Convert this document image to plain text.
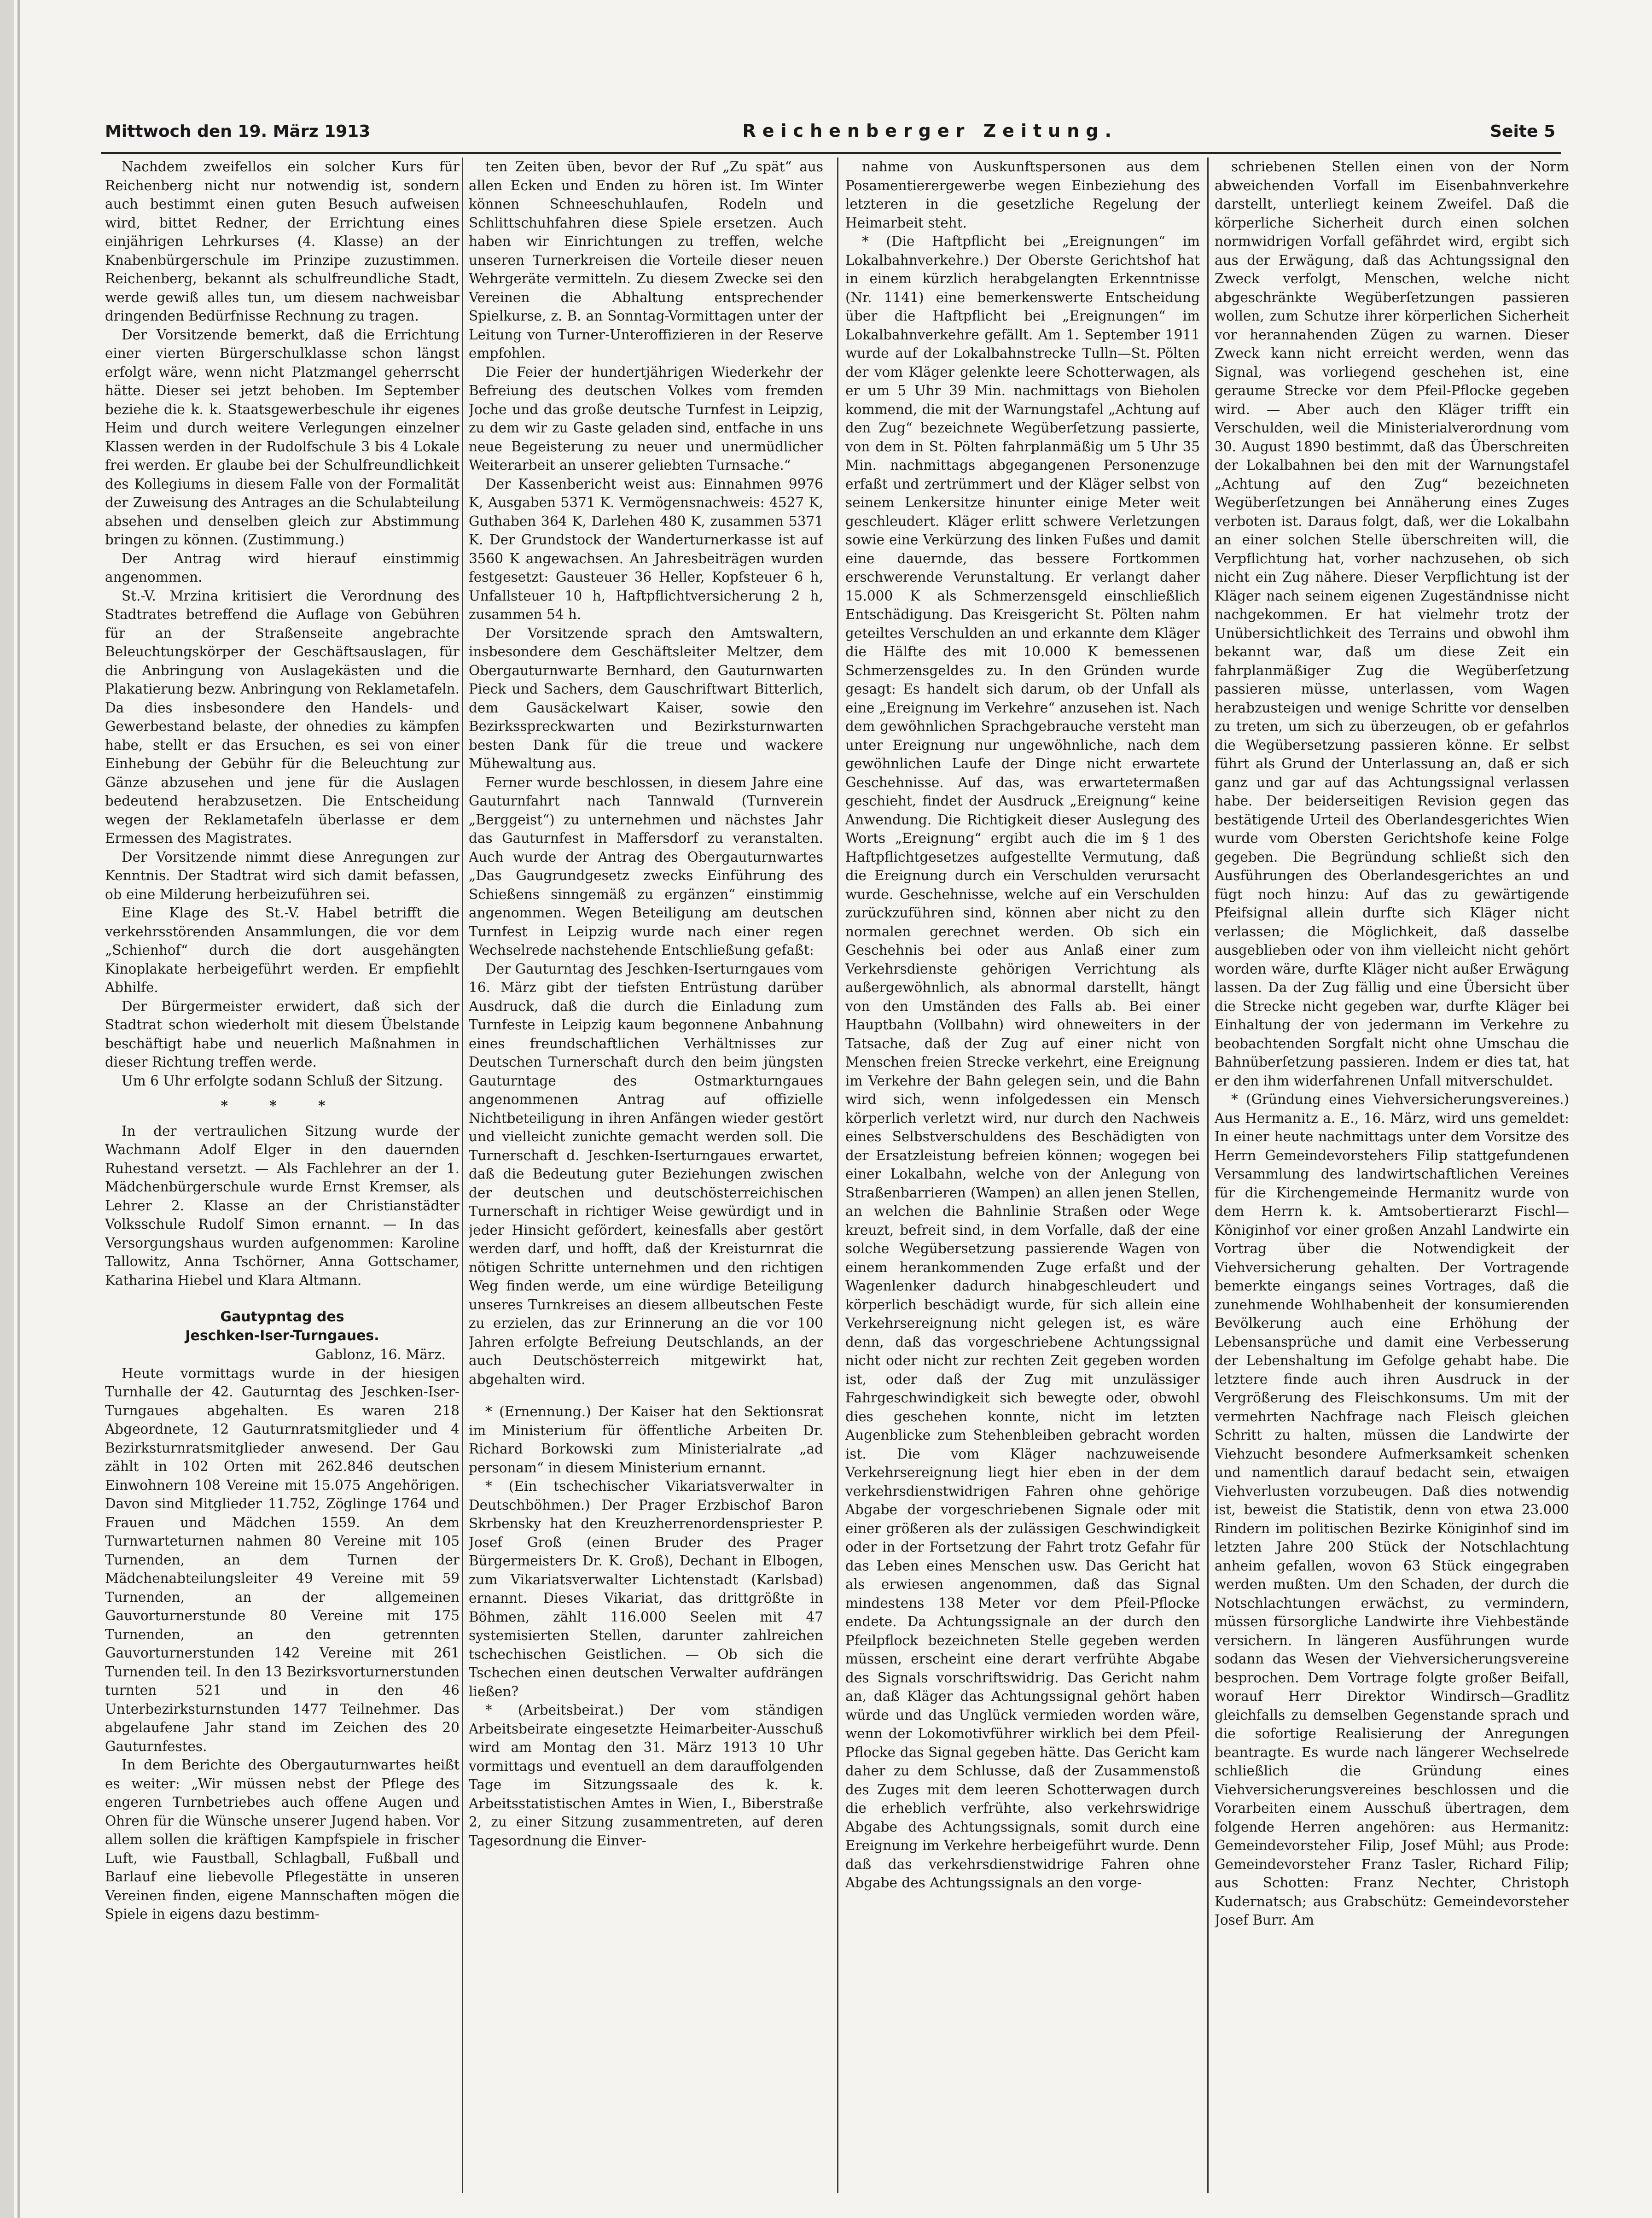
Mittwoch den 19. März 1913	Reichenberger Zeitung.	Seite 5

Nachdem zweifellos ein solcher Kurs für Reichenberg nicht nur notwendig ist, sondern auch bestimmt einen guten Besuch aufweisen wird, bittet Redner, der Errichtung eines einjährigen Lehrkurses (4. Klasse) an der Knabenbürgerschule im Prinzipe zuzustimmen. Reichenberg, bekannt als schulfreundliche Stadt, werde gewiß alles tun, um diesem nachweisbar dringenden Bedürfnisse Rechnung zu tragen.

Der Vorsitzende bemerkt, daß die Errichtung einer vierten Bürgerschulklasse schon längst erfolgt wäre, wenn nicht Platzmangel geherrscht hätte. Dieser sei jetzt behoben. Im September beziehe die k. k. Staatsgewerbeschule ihr eigenes Heim und durch weitere Verlegungen einzelner Klassen werden in der Rudolfschule 3 bis 4 Lokale frei werden. Er glaube bei der Schulfreundlichkeit des Kollegiums in diesem Falle von der Formalität der Zuweisung des Antrages an die Schulabteilung absehen und denselben gleich zur Abstimmung bringen zu können. (Zustimmung.)

Der Antrag wird hierauf einstimmig angenommen.

St.-V. Mrzina kritisiert die Verordnung des Stadtrates betreffend die Auflage von Gebühren für an der Straßenseite angebrachte Beleuchtungskörper der Geschäftsauslagen, für die Anbringung von Auslagekästen und die Plakatierung bezw. Anbringung von Reklametafeln. Da dies insbesondere den Handels- und Gewerbestand belaste, der ohnedies zu kämpfen habe, stellt er das Ersuchen, es sei von einer Einhebung der Gebühr für die Beleuchtung zur Gänze abzusehen und jene für die Auslagen bedeutend herabzusetzen. Die Entscheidung wegen der Reklametafeln überlasse er dem Ermessen des Magistrates.

Der Vorsitzende nimmt diese Anregungen zur Kenntnis. Der Stadtrat wird sich damit befassen, ob eine Milderung herbeizuführen sei.

Eine Klage des St.-V. Habel betrifft die verkehrsstörenden Ansammlungen, die vor dem „Schienhof“ durch die dort ausgehängten Kinoplakate herbeigeführt werden. Er empfiehlt Abhilfe.

Der Bürgermeister erwidert, daß sich der Stadtrat schon wiederholt mit diesem Übelstande beschäftigt habe und neuerlich Maßnahmen in dieser Richtung treffen werde.

Um 6 Uhr erfolgte sodann Schluß der Sitzung.

* * *

In der vertraulichen Sitzung wurde der Wachmann Adolf Elger in den dauernden Ruhestand versetzt. — Als Fachlehrer an der 1. Mädchenbürgerschule wurde Ernst Kremser, als Lehrer 2. Klasse an der Christianstädter Volksschule Rudolf Simon ernannt. — In das Versorgungshaus wurden aufgenommen: Karoline Tallowitz, Anna Tschörner, Anna Gottschamer, Katharina Hiebel und Klara Altmann.

Gautурntag des

Jeschken-Iser-Turngaues.

Gablonz, 16. März.

Heute vormittags wurde in der hiesigen Turnhalle der 42. Gauturntag des Jeschken-Iser-Turngaues abgehalten. Es waren 218 Abgeordnete, 12 Gauturnratsmitglieder und 4 Bezirksturnratsmitglieder anwesend. Der Gau zählt in 102 Orten mit 262.846 deutschen Einwohnern 108 Vereine mit 15.075 Angehörigen. Davon sind Mitglieder 11.752, Zöglinge 1764 und Frauen und Mädchen 1559. An dem Turnwarteturnen nahmen 80 Vereine mit 105 Turnenden, an dem Turnen der Mädchenabteilungsleiter 49 Vereine mit 59 Turnenden, an der allgemeinen Gauvorturnerstunde 80 Vereine mit 175 Turnenden, an den getrennten Gauvorturnerstunden 142 Vereine mit 261 Turnenden teil. In den 13 Bezirksvorturnerstunden turnten 521 und in den 46 Unterbezirksturnstunden 1477 Teilnehmer. Das abgelaufene Jahr stand im Zeichen des 20 Gauturnfestes.

In dem Berichte des Obergauturnwartes heißt es weiter: „Wir müssen nebst der Pflege des engeren Turnbetriebes auch offene Augen und Ohren für die Wünsche unserer Jugend haben. Vor allem sollen die kräftigen Kampfspiele in frischer Luft, wie Faustball, Schlagball, Fußball und Barlauf eine liebevolle Pflegestätte in unseren Vereinen finden, eigene Mannschaften mögen die Spiele in eigens dazu bestimm-

ten Zeiten üben, bevor der Ruf „Zu spät“ aus allen Ecken und Enden zu hören ist. Im Winter können Schneeschuhlaufen, Rodeln und Schlittschuhfahren diese Spiele ersetzen. Auch haben wir Einrichtungen zu treffen, welche unseren Turnerkreisen die Vorteile dieser neuen Wehrgeräte vermitteln. Zu diesem Zwecke sei den Vereinen die Abhaltung entsprechender Spielkurse, z. B. an Sonntag-Vormittagen unter der Leitung von Turner-Unteroffizieren in der Reserve empfohlen.

Die Feier der hundertjährigen Wiederkehr der Befreiung des deutschen Volkes vom fremden Joche und das große deutsche Turnfest in Leipzig, zu dem wir zu Gaste geladen sind, entfache in uns neue Begeisterung zu neuer und unermüdlicher Weiterarbeit an unserer geliebten Turnsache.“

Der Kassenbericht weist aus: Einnahmen 9976 K, Ausgaben 5371 K. Vermögensnachweis: 4527 K, Guthaben 364 K, Darlehen 480 K, zusammen 5371 K. Der Grundstock der Wanderturnerkasse ist auf 3560 K angewachsen. An Jahresbeiträgen wurden festgesetzt: Gausteuer 36 Heller, Kopfsteuer 6 h, Unfallsteuer 10 h, Haftpflichtversicherung 2 h, zusammen 54 h.

Der Vorsitzende sprach den Amtswaltern, insbesondere dem Geschäftsleiter Meltzer, dem Obergauturnwarte Bernhard, den Gauturnwarten Pieck und Sachers, dem Gauschriftwart Bitterlich, dem Gausäckelwart Kaiser, sowie den Bezirksspreckwarten und Bezirksturnwarten besten Dank für die treue und wackere Mühewaltung aus.

Ferner wurde beschlossen, in diesem Jahre eine Gauturnfahrt nach Tannwald (Turnverein „Berggeist“) zu unternehmen und nächstes Jahr das Gauturnfest in Maffersdorf zu veranstalten. Auch wurde der Antrag des Obergauturnwartes „Das Gaugrundgesetz zwecks Einführung des Schießens sinngemäß zu ergänzen“ einstimmig angenommen. Wegen Beteiligung am deutschen Turnfest in Leipzig wurde nach einer regen Wechselrede nachstehende Entschließung gefaßt:

Der Gauturntag des Jeschken-Iserturngaues vom 16. März gibt der tiefsten Entrüstung darüber Ausdruck, daß die durch die Einladung zum Turnfeste in Leipzig kaum begonnene Anbahnung eines freundschaftlichen Verhältnisses zur Deutschen Turnerschaft durch den beim jüngsten Gauturntage des Ostmarkturngaues angenommenen Antrag auf offizielle Nichtbeteiligung in ihren Anfängen wieder gestört und vielleicht zunichte gemacht werden soll. Die Turnerschaft d. Jeschken-Iserturngaues erwartet, daß die Bedeutung guter Beziehungen zwischen der deutschen und deutschösterreichischen Turnerschaft in richtiger Weise gewürdigt und in jeder Hinsicht gefördert, keinesfalls aber gestört werden darf, und hofft, daß der Kreisturnrat die nötigen Schritte unternehmen und den richtigen Weg finden werde, um eine würdige Beteiligung unseres Turnkreises an diesem allbeutschen Feste zu erzielen, das zur Erinnerung an die vor 100 Jahren erfolgte Befreiung Deutschlands, an der auch Deutschösterreich mitgewirkt hat, abgehalten wird.

* (Ernennung.) Der Kaiser hat den Sektionsrat im Ministerium für öffentliche Arbeiten Dr. Richard Borkowski zum Ministerialrate „ad personam“ in diesem Ministerium ernannt.

* (Ein tschechischer Vikariatsverwalter in Deutschböhmen.) Der Prager Erzbischof Baron Skrbensky hat den Kreuzherrenordenspriester P. Josef Groß (einen Bruder des Prager Bürgermeisters Dr. K. Groß), Dechant in Elbogen, zum Vikariatsverwalter Lichtenstadt (Karlsbad) ernannt. Dieses Vikariat, das drittgrößte in Böhmen, zählt 116.000 Seelen mit 47 systemisierten Stellen, darunter zahlreichen tschechischen Geistlichen. — Ob sich die Tschechen einen deutschen Verwalter aufdrängen ließen?

* (Arbeitsbeirat.) Der vom ständigen Arbeitsbeirate eingesetzte Heimarbeiter-Ausschuß wird am Montag den 31. März 1913 10 Uhr vormittags und eventuell an dem darauffolgenden Tage im Sitzungssaale des k. k. Arbeitsstatistischen Amtes in Wien, I., Biberstraße 2, zu einer Sitzung zusammentreten, auf deren Tagesordnung die Einver-

nahme von Auskunftspersonen aus dem Posamentierergewerbe wegen Einbeziehung des letzteren in die gesetzliche Regelung der Heimarbeit steht.

* (Die Haftpflicht bei „Ereignungen“ im Lokalbahnverkehre.) Der Oberste Gerichtshof hat in einem kürzlich herabgelangten Erkenntnisse (Nr. 1141) eine bemerkenswerte Entscheidung über die Haftpflicht bei „Ereignungen“ im Lokalbahnverkehre gefällt. Am 1. September 1911 wurde auf der Lokalbahnstrecke Tulln—St. Pölten der vom Kläger gelenkte leere Schotterwagen, als er um 5 Uhr 39 Min. nachmittags von Bieholen kommend, die mit der Warnungstafel „Achtung auf den Zug“ bezeichnete Wegüberſetzung passierte, von dem in St. Pölten fahrplanmäßig um 5 Uhr 35 Min. nachmittags abgegangenen Personenzuge erfaßt und zertrümmert und der Kläger selbst von seinem Lenkersitze hinunter einige Meter weit geschleudert. Kläger erlitt schwere Verletzungen sowie eine Verkürzung des linken Fußes und damit eine dauernde, das bessere Fortkommen erschwerende Verunstaltung. Er verlangt daher 15.000 K als Schmerzensgeld einschließlich Entschädigung. Das Kreisgericht St. Pölten nahm geteiltes Verschulden an und erkannte dem Kläger die Hälfte des mit 10.000 K bemessenen Schmerzensgeldes zu. In den Gründen wurde gesagt: Es handelt sich darum, ob der Unfall als eine „Ereignung im Verkehre“ anzusehen ist. Nach dem gewöhnlichen Sprachgebrauche versteht man unter Ereignung nur ungewöhnliche, nach dem gewöhnlichen Laufe der Dinge nicht erwartete Geschehnisse. Auf das, was erwartetermaßen geschieht, findet der Ausdruck „Ereignung“ keine Anwendung. Die Richtigkeit dieser Auslegung des Worts „Ereignung“ ergibt auch die im § 1 des Haftpflichtgesetzes aufgestellte Vermutung, daß die Ereignung durch ein Verschulden verursacht wurde. Geschehnisse, welche auf ein Verschulden zurückzuführen sind, können aber nicht zu den normalen gerechnet werden. Ob sich ein Geschehnis bei oder aus Anlaß einer zum Verkehrsdienste gehörigen Verrichtung als außergewöhnlich, als abnormal darstellt, hängt von den Umständen des Falls ab. Bei einer Hauptbahn (Vollbahn) wird ohneweiters in der Tatsache, daß der Zug auf einer nicht von Menschen freien Strecke verkehrt, eine Ereignung im Verkehre der Bahn gelegen sein, und die Bahn wird sich, wenn infolgedessen ein Mensch körperlich verletzt wird, nur durch den Nachweis eines Selbstverschuldens des Beschädigten von der Ersatzleistung befreien können; wogegen bei einer Lokalbahn, welche von der Anlegung von Straßenbarrieren (Wampen) an allen jenen Stellen, an welchen die Bahnlinie Straßen oder Wege kreuzt, befreit sind, in dem Vorfalle, daß der eine solche Wegübersetzung passierende Wagen von einem herankommenden Zuge erfaßt und der Wagenlenker dadurch hinabgeschleudert und körperlich beschädigt wurde, für sich allein eine Verkehrsereignung nicht gelegen ist, es wäre denn, daß das vorgeschriebene Achtungssignal nicht oder nicht zur rechten Zeit gegeben worden ist, oder daß der Zug mit unzulässiger Fahrgeschwindigkeit sich bewegte oder, obwohl dies geschehen konnte, nicht im letzten Augenblicke zum Stehenbleiben gebracht worden ist. Die vom Kläger nachzuweisende Verkehrsereignung liegt hier eben in der dem verkehrsdienstwidrigen Fahren ohne gehörige Abgabe der vorgeschriebenen Signale oder mit einer größeren als der zulässigen Geschwindigkeit oder in der Fortsetzung der Fahrt trotz Gefahr für das Leben eines Menschen usw. Das Gericht hat als erwiesen angenommen, daß das Signal mindestens 138 Meter vor dem Pfeil-Pflocke endete. Da Achtungssignale an der durch den Pfeilpflock bezeichneten Stelle gegeben werden müssen, erscheint eine derart verfrühte Abgabe des Signals vorschriftswidrig. Das Gericht nahm an, daß Kläger das Achtungssignal gehört haben würde und das Unglück vermieden worden wäre, wenn der Lokomotivführer wirklich bei dem Pfeil-Pflocke das Signal gegeben hätte. Das Gericht kam daher zu dem Schlusse, daß der Zusammenstoß des Zuges mit dem leeren Schotterwagen durch die erheblich verfrühte, also verkehrswidrige Abgabe des Achtungssignals, somit durch eine Ereignung im Verkehre herbeigeführt wurde. Denn daß das verkehrsdienstwidrige Fahren ohne Abgabe des Achtungssignals an den vorge-

schriebenen Stellen einen von der Norm abweichenden Vorfall im Eisenbahnverkehre darstellt, unterliegt keinem Zweifel. Daß die körperliche Sicherheit durch einen solchen normwidrigen Vorfall gefährdet wird, ergibt sich aus der Erwägung, daß das Achtungssignal den Zweck verfolgt, Menschen, welche nicht abgeschränkte Wegüberſetzungen passieren wollen, zum Schutze ihrer körperlichen Sicherheit vor herannahenden Zügen zu warnen. Dieser Zweck kann nicht erreicht werden, wenn das Signal, was vorliegend geschehen ist, eine geraume Strecke vor dem Pfeil-Pflocke gegeben wird. — Aber auch den Kläger trifft ein Verschulden, weil die Ministerialverordnung vom 30. August 1890 bestimmt, daß das Überschreiten der Lokalbahnen bei den mit der Warnungstafel „Achtung auf den Zug“ bezeichneten Wegüberſetzungen bei Annäherung eines Zuges verboten ist. Daraus folgt, daß, wer die Lokalbahn an einer solchen Stelle überschreiten will, die Verpflichtung hat, vorher nachzusehen, ob sich nicht ein Zug nähere. Dieser Verpflichtung ist der Kläger nach seinem eigenen Zugeständnisse nicht nachgekommen. Er hat vielmehr trotz der Unübersichtlichkeit des Terrains und obwohl ihm bekannt war, daß um diese Zeit ein fahrplanmäßiger Zug die Wegüberſetzung passieren müsse, unterlassen, vom Wagen herabzusteigen und wenige Schritte vor denselben zu treten, um sich zu überzeugen, ob er gefahrlos die Wegübersetzung passieren könne. Er selbst führt als Grund der Unterlassung an, daß er sich ganz und gar auf das Achtungssignal verlassen habe. Der beiderseitigen Revision gegen das bestätigende Urteil des Oberlandesgerichtes Wien wurde vom Obersten Gerichtshofe keine Folge gegeben. Die Begründung schließt sich den Ausführungen des Oberlandesgerichtes an und fügt noch hinzu: Auf das zu gewärtigende Pfeifsignal allein durfte sich Kläger nicht verlassen; die Möglichkeit, daß dasselbe ausgeblieben oder von ihm vielleicht nicht gehört worden wäre, durfte Kläger nicht außer Erwägung lassen. Da der Zug fällig und eine Übersicht über die Strecke nicht gegeben war, durfte Kläger bei Einhaltung der von jedermann im Verkehre zu beobachtenden Sorgfalt nicht ohne Umschau die Bahnüberſetzung passieren. Indem er dies tat, hat er den ihm widerfahrenen Unfall mitverschuldet.

* (Gründung eines Viehversicherungsvereines.) Aus Hermanitz a. E., 16. März, wird uns gemeldet: In einer heute nachmittags unter dem Vorsitze des Herrn Gemeindevorstehers Filip stattgefundenen Versammlung des landwirtschaftlichen Vereines für die Kirchengemeinde Hermanitz wurde von dem Herrn k. k. Amtsobertierarzt Fischl—Königinhof vor einer großen Anzahl Landwirte ein Vortrag über die Notwendigkeit der Viehversicherung gehalten. Der Vortragende bemerkte eingangs seines Vortrages, daß die zunehmende Wohlhabenheit der konsumierenden Bevölkerung auch eine Erhöhung der Lebensansprüche und damit eine Verbesserung der Lebenshaltung im Gefolge gehabt habe. Die letztere finde auch ihren Ausdruck in der Vergrößerung des Fleischkonsums. Um mit der vermehrten Nachfrage nach Fleisch gleichen Schritt zu halten, müssen die Landwirte der Viehzucht besondere Aufmerksamkeit schenken und namentlich darauf bedacht sein, etwaigen Viehverlusten vorzubeugen. Daß dies notwendig ist, beweist die Statistik, denn von etwa 23.000 Rindern im politischen Bezirke Königinhof sind im letzten Jahre 200 Stück der Notschlachtung anheim gefallen, wovon 63 Stück eingegraben werden mußten. Um den Schaden, der durch die Notschlachtungen erwächst, zu vermindern, müssen fürsorgliche Landwirte ihre Viehbestände versichern. In längeren Ausführungen wurde sodann das Wesen der Viehversicherungsvereine besprochen. Dem Vortrage folgte großer Beifall, worauf Herr Direktor Windirsch—Gradlitz gleichfalls zu demselben Gegenstande sprach und die sofortige Realisierung der Anregungen beantragte. Es wurde nach längerer Wechselrede schließlich die Gründung eines Viehversicherungsvereines beschlossen und die Vorarbeiten einem Ausschuß übertragen, dem folgende Herren angehören: aus Hermanitz: Gemeindevorsteher Filip, Josef Mühl; aus Prode: Gemeindevorsteher Franz Tasler, Richard Filip; aus Schotten: Franz Nechter, Christoph Kudernatsch; aus Grabschütz: Gemeindevorsteher Josef Burr. Am
